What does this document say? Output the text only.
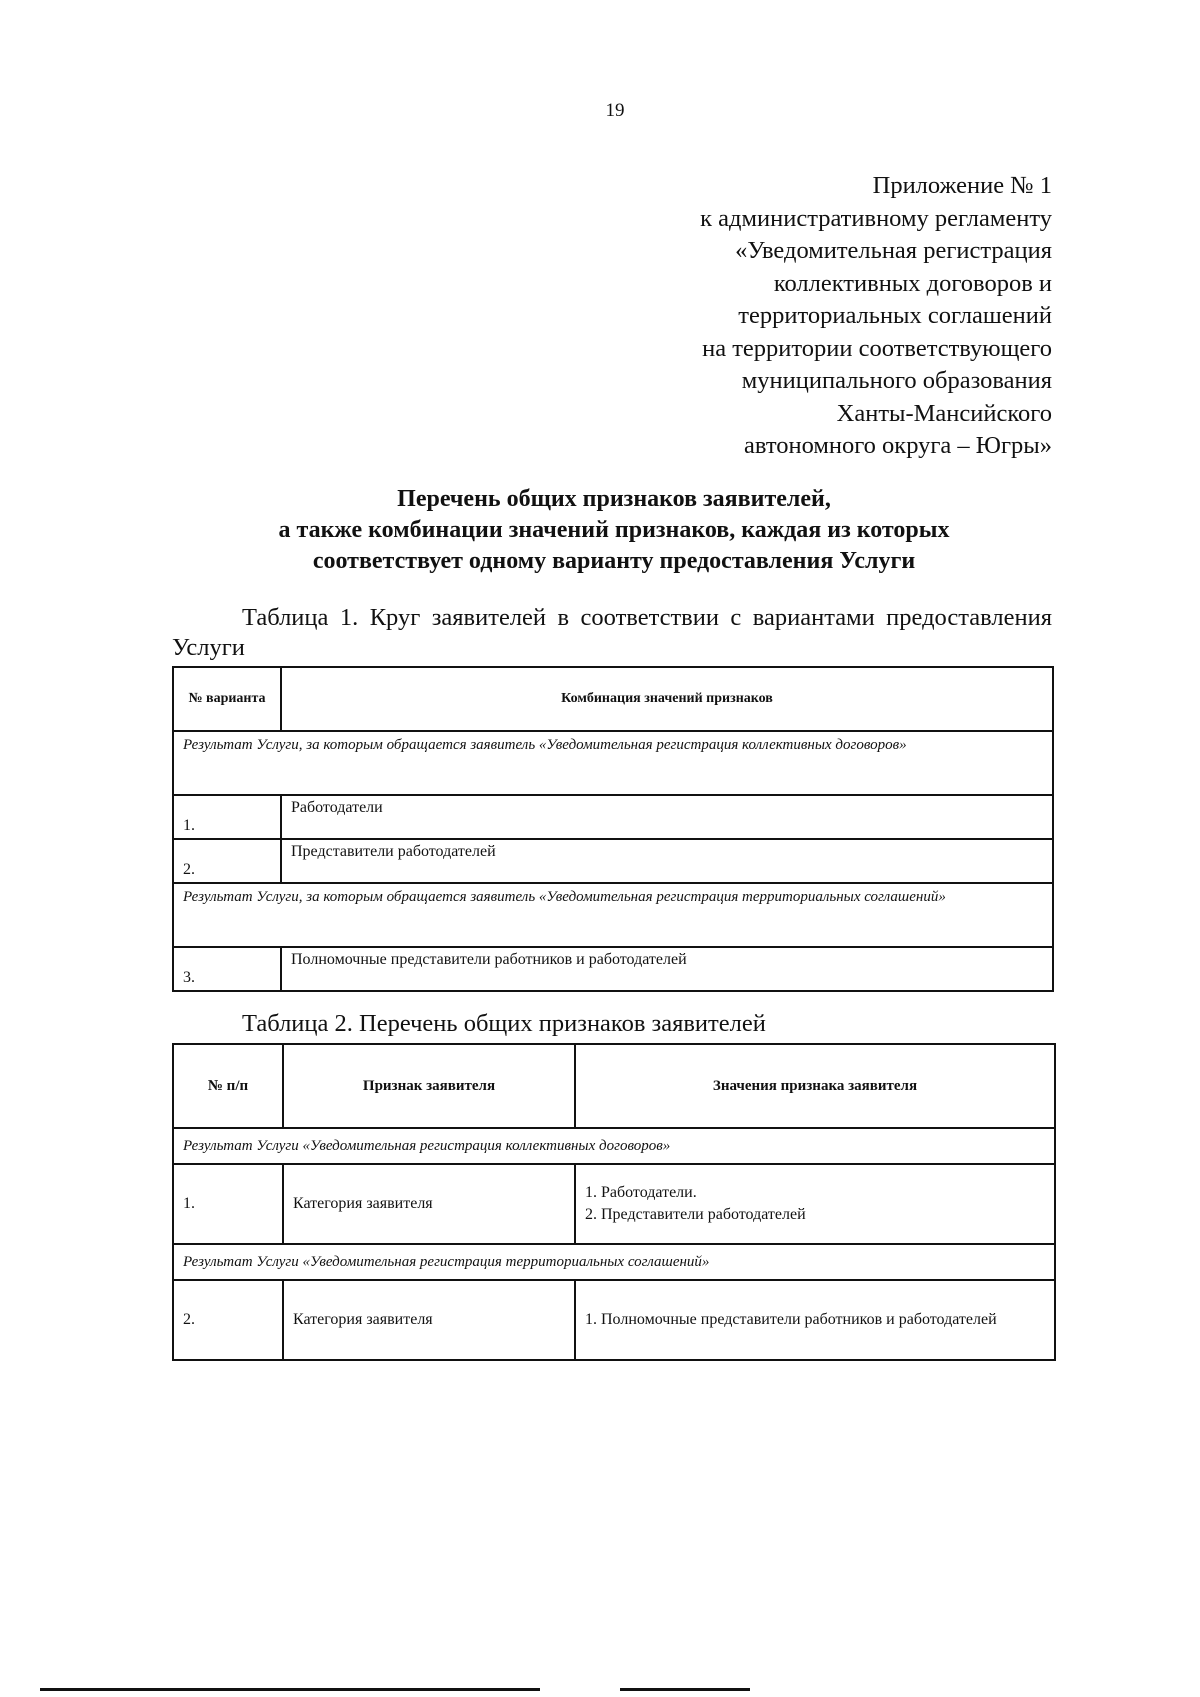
19
Приложение № 1
к административному регламенту
«Уведомительная регистрация
коллективных договоров и
территориальных соглашений
на территории соответствующего
муниципального образования
Ханты-Мансийского
автономного округа – Югры»
Перечень общих признаков заявителей,
а также комбинации значений признаков, каждая из которых
соответствует одному варианту предоставления Услуги
Таблица 1. Круг заявителей в соответствии с вариантами предоставления Услуги
№ варианта	Комбинация значений признаков
Результат Услуги, за которым обращается заявитель «Уведомительная регистрация коллективных договоров»	
1.	Работодатели
2.	Представители работодателей
Результат Услуги, за которым обращается заявитель «Уведомительная регистрация территориальных соглашений»	
3.	Полномочные представители работников и работодателей
Таблица 2. Перечень общих признаков заявителей
№ п/п	Признак заявителя	Значения признака заявителя
Результат Услуги «Уведомительная регистрация коллективных договоров»		
1.	Категория заявителя	1. Работодатели.
2. Представители работодателей

Результат Услуги «Уведомительная регистрация территориальных соглашений»		
2.	Категория заявителя	1. Полномочные представители работников и работодателей
